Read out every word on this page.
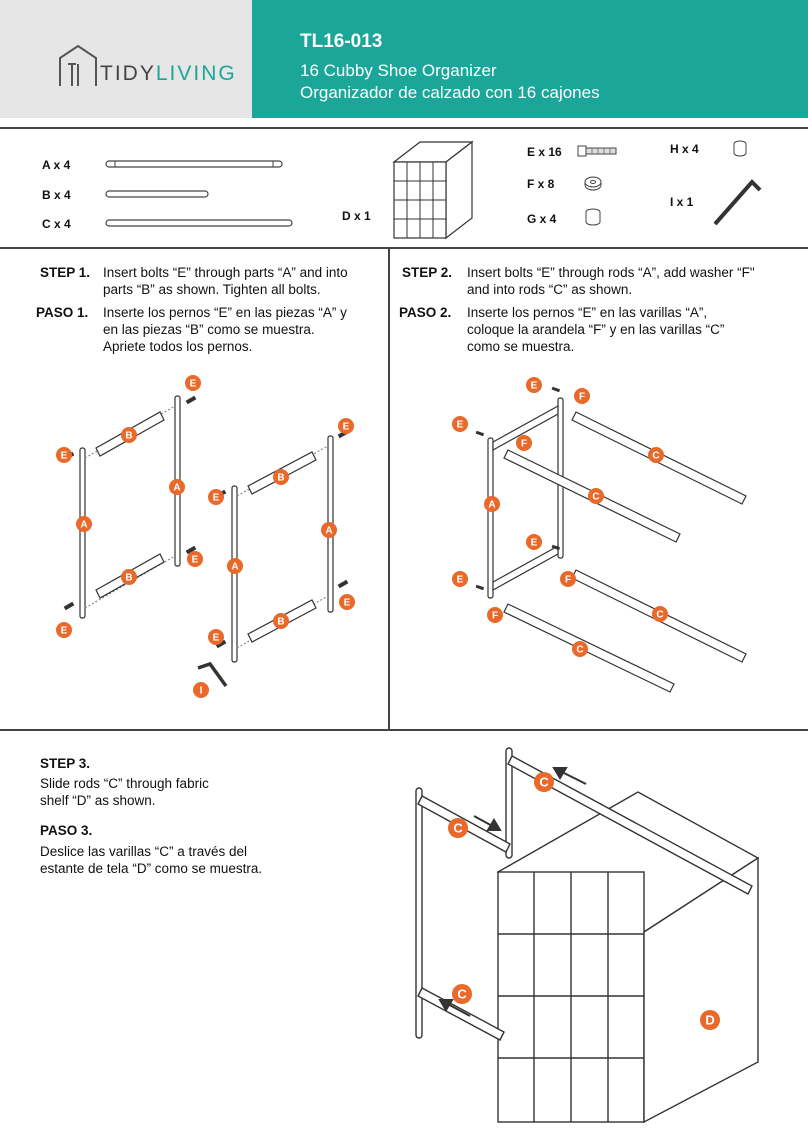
TIDYLIVING
TL16-013
16 Cubby Shoe Organizer
Organizador de calzado con 16 cajones
A x 4
B x 4
C x 4
D x 1
E x 16
F x 8
G x 4
H x 4
I x 1
STEP 1. Insert bolts “E” through parts “A” and into
parts “B” as shown. Tighten all bolts.
PASO 1. Inserte los pernos “E” en las piezas “A” y
en las piezas “B” como se muestra.
Apriete todos los pernos.
STEP 2. Insert bolts “E” through rods “A”, add washer “F"
and into rods “C” as shown.
PASO 2. Inserte los pernos “E” en las varillas “A”,
coloque la arandela “F” y en las varillas “C”
como se muestra.
STEP 3.
Slide rods “C” through fabric
shelf “D” as shown.
PASO 3.
Deslice las varillas “C” a través del
estante de tela “D” como se muestra.
E
B
E
A
A
E
B
E
E
B
E
A
A
E
B
E
I
E
F
E
F
C
C
A
E
F
E
C
F
C
C
C
C
D
